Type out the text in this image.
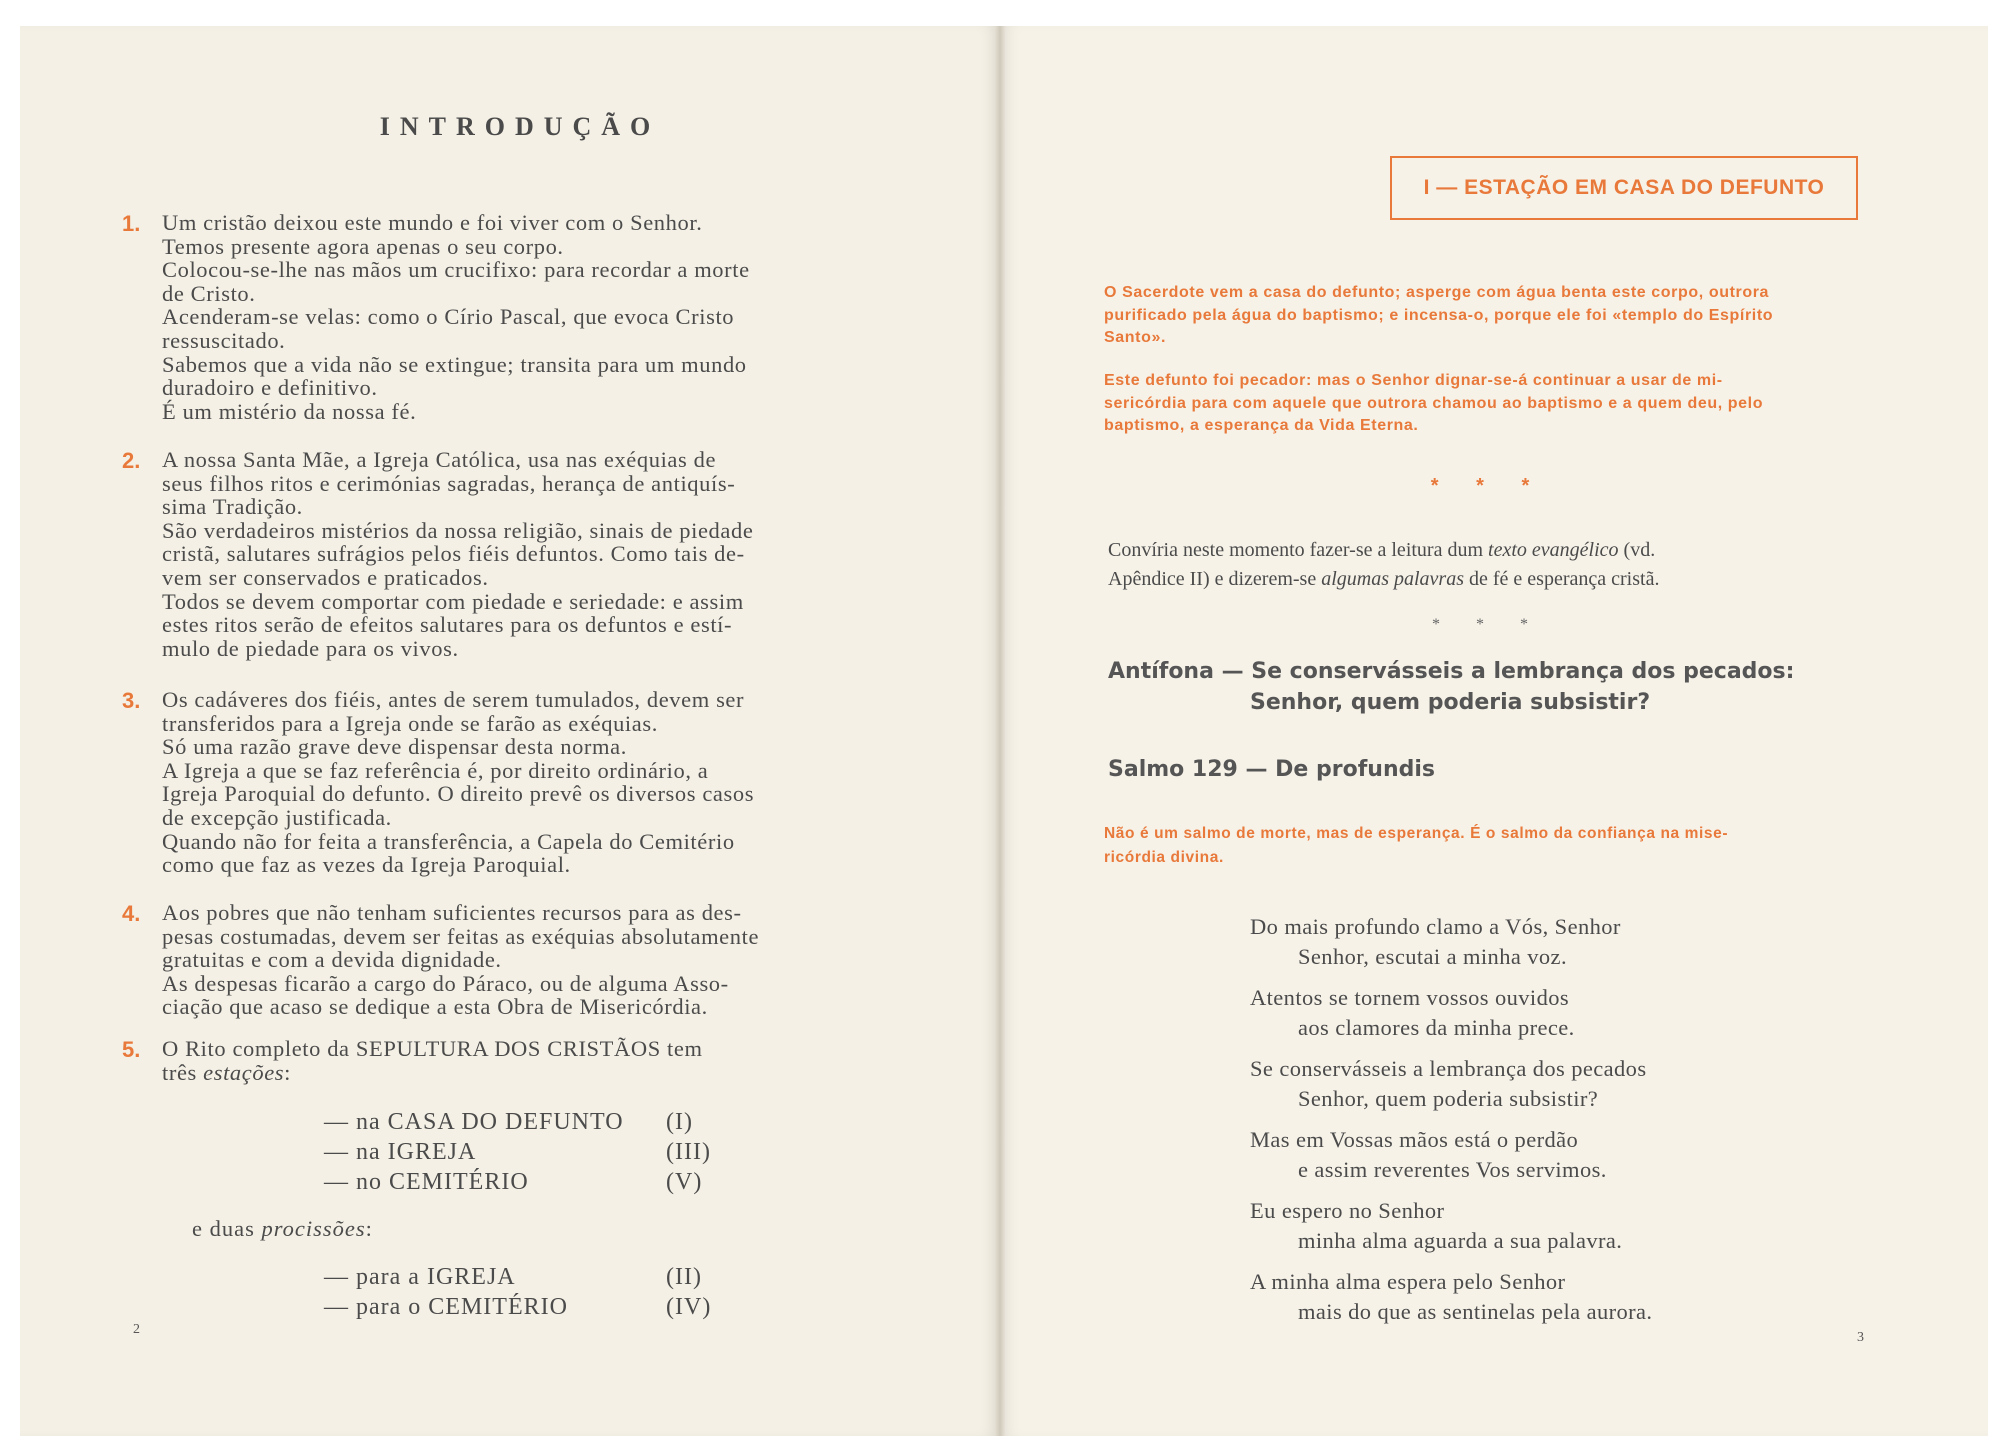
INTRODUÇÃO
1. Um cristão deixou este mundo e foi viver com o Senhor.

Temos presente agora apenas o seu corpo.

Colocou-se-lhe nas mãos um crucifixo: para recordar a morte

de Cristo.

Acenderam-se velas: como o Círio Pascal, que evoca Cristo

ressuscitado.

Sabemos que a vida não se extingue; transita para um mundo

duradoiro e definitivo.

É um mistério da nossa fé.

2. A nossa Santa Mãe, a Igreja Católica, usa nas exéquias de

seus filhos ritos e cerimónias sagradas, herança de antiquís-

sima Tradição.

São verdadeiros mistérios da nossa religião, sinais de piedade

cristã, salutares sufrágios pelos fiéis defuntos. Como tais de-

vem ser conservados e praticados.

Todos se devem comportar com piedade e seriedade: e assim

estes ritos serão de efeitos salutares para os defuntos e estí-

mulo de piedade para os vivos.

3. Os cadáveres dos fiéis, antes de serem tumulados, devem ser

transferidos para a Igreja onde se farão as exéquias.

Só uma razão grave deve dispensar desta norma.

A Igreja a que se faz referência é, por direito ordinário, a

Igreja Paroquial do defunto. O direito prevê os diversos casos

de excepção justificada.

Quando não for feita a transferência, a Capela do Cemitério

como que faz as vezes da Igreja Paroquial.

4. Aos pobres que não tenham suficientes recursos para as des-

pesas costumadas, devem ser feitas as exéquias absolutamente

gratuitas e com a devida dignidade.

As despesas ficarão a cargo do Páraco, ou de alguma Asso-

ciação que acaso se dedique a esta Obra de Misericórdia.

5. O Rito completo da SEPULTURA DOS CRISTÃOS tem

três estações:

— na CASA DO DEFUNTO (I)
— na IGREJA	(III)
— no CEMITÉRIO	(V)
e duas procissões:
— para a IGREJA	(II)
— para o CEMITÉRIO	(IV)
2
I — ESTAÇÃO EM CASA DO DEFUNTO

O Sacerdote vem a casa do defunto; asperge com água benta este corpo, outrora

purificado pela água do baptismo; e incensa-o, porque ele foi «templo do Espírito

Santo».

Este defunto foi pecador: mas o Senhor dignar-se-á continuar a usar de mi-

sericórdia para com aquele que outrora chamou ao baptismo e a quem deu, pelo

baptismo, a esperança da Vida Eterna.

* * *

Convíria neste momento fazer-se a leitura dum texto evangélico (vd.

Apêndice II) e dizerem-se algumas palavras de fé e esperança cristã.

* * *
Antífona — Se conservásseis a lembrança dos pecados:
Senhor, quem poderia subsistir?
Salmo 129 — De profundis

Não é um salmo de morte, mas de esperança. É o salmo da confiança na mise-

ricórdia divina.

Do mais profundo clamo a Vós, Senhor
Senhor, escutai a minha voz.
Atentos se tornem vossos ouvidos
aos clamores da minha prece.
Se conservásseis a lembrança dos pecados
Senhor, quem poderia subsistir?
Mas em Vossas mãos está o perdão
e assim reverentes Vos servimos.
Eu espero no Senhor
minha alma aguarda a sua palavra.
A minha alma espera pelo Senhor
mais do que as sentinelas pela aurora.
3
